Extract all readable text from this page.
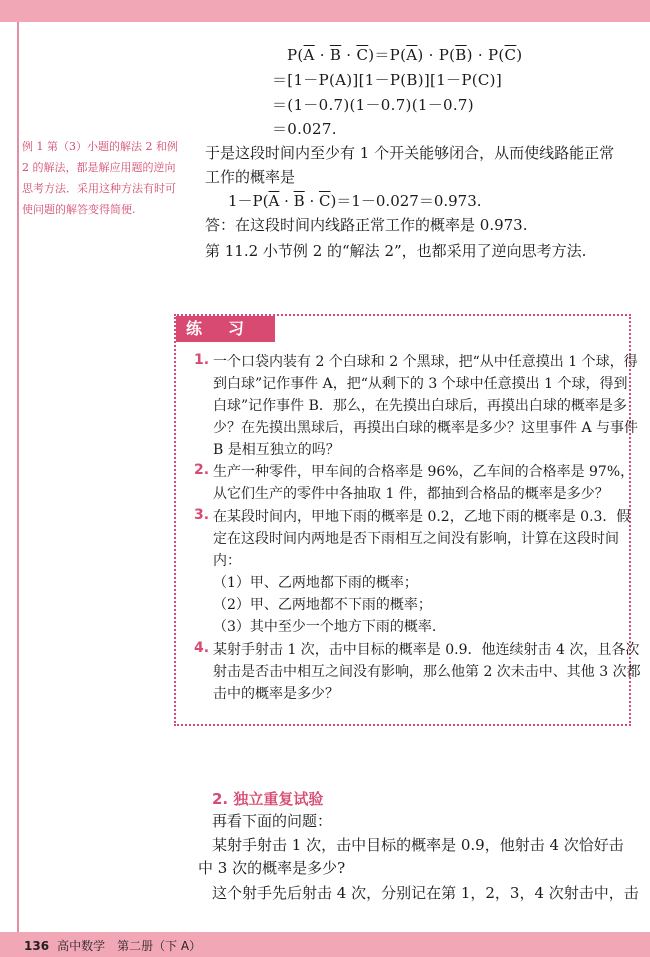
$P(\overline{A} \cdot \overline{B} \cdot \overline{C})=P(\overline{A}) \cdot P(\overline{B}) \cdot P(\overline{C})$
＝[1－P(A)][1－P(B)][1－P(C)]
＝(1－0.7)(1－0.7)(1－0.7)
＝0.027.
例 1 第（3）小题的解法 2 和例 2 的解法，都是解应用题的逆向思考方法．采用这种方法有时可使问题的解答变得简便.
于是这段时间内至少有 1 个开关能够闭合，从而使线路能正常
工作的概率是
$1-P(\overline{A} \cdot \overline{B} \cdot \overline{C})=1-0.027=0.973$.
答：在这段时间内线路正常工作的概率是 0.973.
第 11.2 小节例 2 的“解法 2”，也都采用了逆向思考方法.
练习
1. 一个口袋内装有 2 个白球和 2 个黑球，把“从中任意摸出 1 个球，得
到白球”记作事件 A，把“从剩下的 3 个球中任意摸出 1 个球，得到
白球”记作事件 B．那么，在先摸出白球后，再摸出白球的概率是多
少？在先摸出黑球后，再摸出白球的概率是多少？这里事件 A 与事件
B 是相互独立的吗？
2. 生产一种零件，甲车间的合格率是 96%，乙车间的合格率是 97%，
从它们生产的零件中各抽取 1 件，都抽到合格品的概率是多少？
3. 在某段时间内，甲地下雨的概率是 0.2，乙地下雨的概率是 0.3．假
定在这段时间内两地是否下雨相互之间没有影响，计算在这段时间
内：
（1）甲、乙两地都下雨的概率；
（2）甲、乙两地都不下雨的概率；
（3）其中至少一个地方下雨的概率.
4. 某射手射击 1 次，击中目标的概率是 0.9．他连续射击 4 次，且各次
射击是否击中相互之间没有影响，那么他第 2 次未击中、其他 3 次都
击中的概率是多少？
2. 独立重复试验
再看下面的问题：
某射手射击 1 次，击中目标的概率是 0.9，他射击 4 次恰好击
中 3 次的概率是多少?
这个射手先后射击 4 次，分别记在第 1，2，3，4 次射击中，击
136 高中数学　第二册（下 A）
